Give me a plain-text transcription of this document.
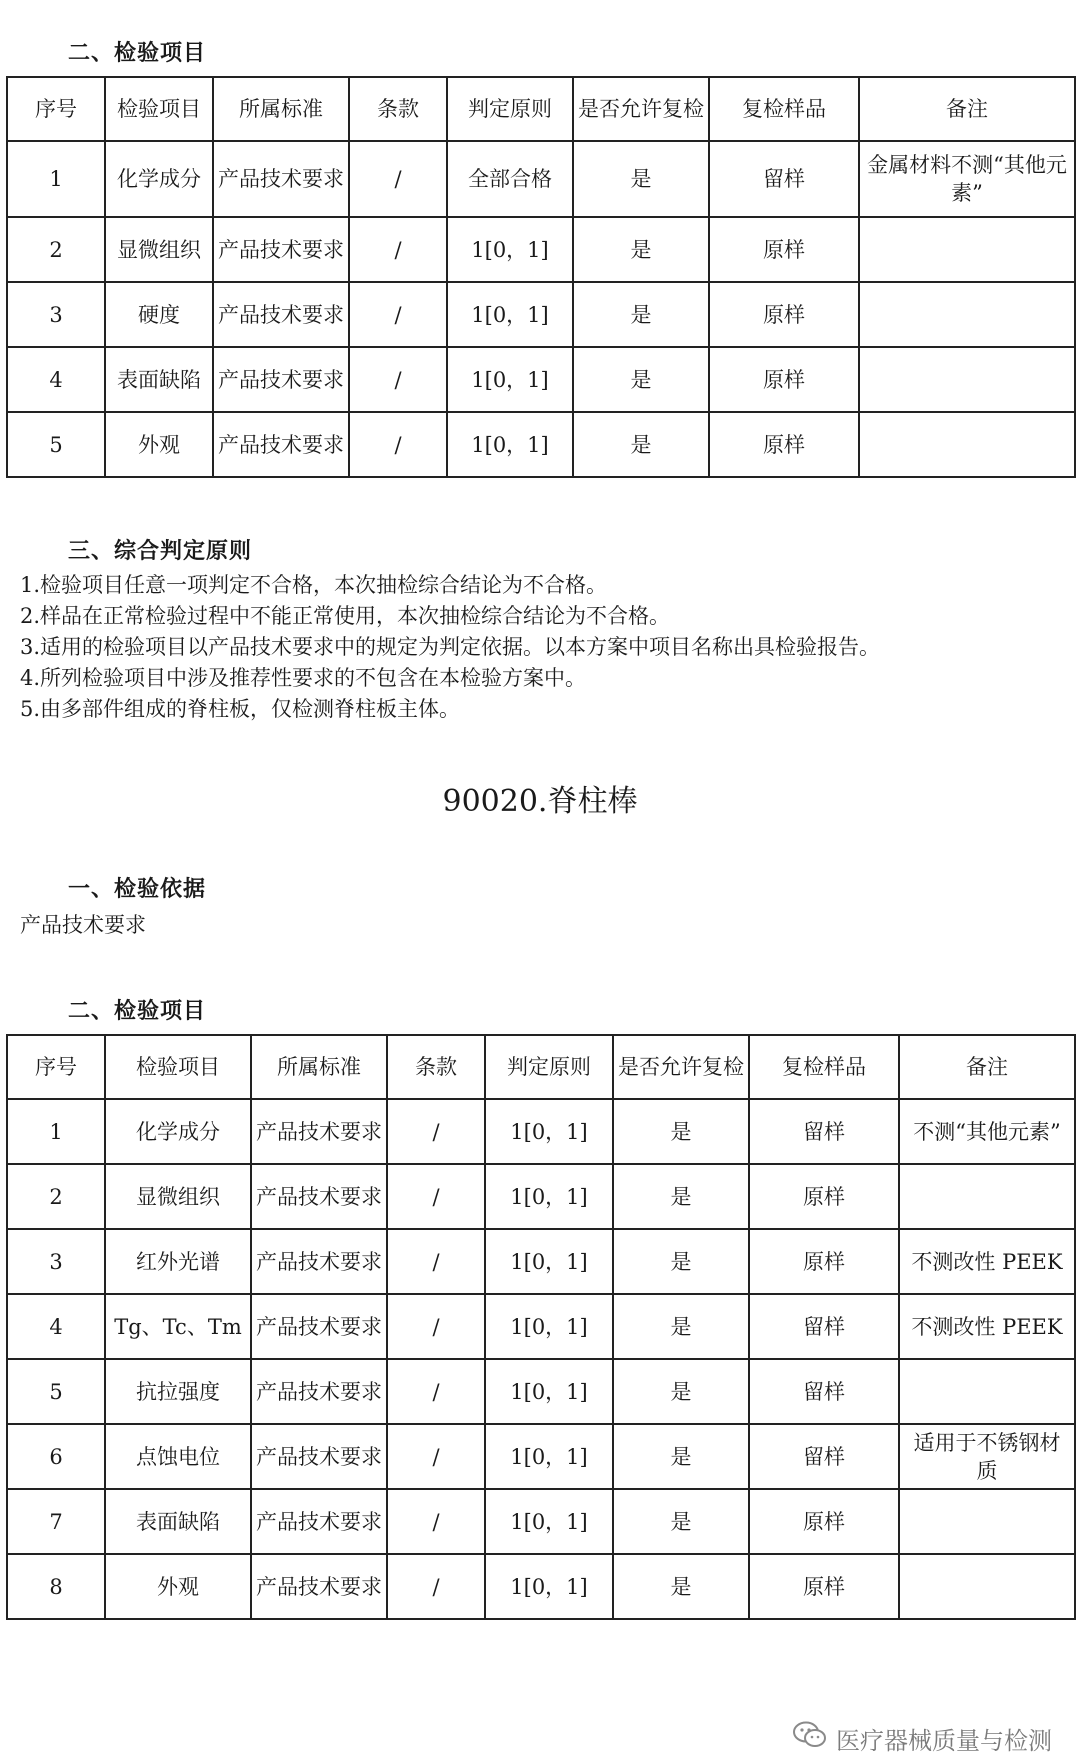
二、检验项目
序号	检验项目	所属标准	条款	判定原则	是否允许复检	复检样品	备注
1	化学成分	产品技术要求	/	全部合格	是	留样	金属材料不测“其他元素”
2	显微组织	产品技术要求	/	1[0，1]	是	原样	
3	硬度	产品技术要求	/	1[0，1]	是	原样	
4	表面缺陷	产品技术要求	/	1[0，1]	是	原样	
5	外观	产品技术要求	/	1[0，1]	是	原样	
三、综合判定原则
1.检验项目任意一项判定不合格，本次抽检综合结论为不合格。
2.样品在正常检验过程中不能正常使用，本次抽检综合结论为不合格。
3.适用的检验项目以产品技术要求中的规定为判定依据。以本方案中项目名称出具检验报告。
4.所列检验项目中涉及推荐性要求的不包含在本检验方案中。
5.由多部件组成的脊柱板，仅检测脊柱板主体。
90020.脊柱棒
一、检验依据
产品技术要求
二、检验项目
序号	检验项目	所属标准	条款	判定原则	是否允许复检	复检样品	备注
1	化学成分	产品技术要求	/	1[0，1]	是	留样	不测“其他元素”
2	显微组织	产品技术要求	/	1[0，1]	是	原样	
3	红外光谱	产品技术要求	/	1[0，1]	是	原样	不测改性 PEEK
4	Tg、Tc、Tm	产品技术要求	/	1[0，1]	是	留样	不测改性 PEEK
5	抗拉强度	产品技术要求	/	1[0，1]	是	留样	
6	点蚀电位	产品技术要求	/	1[0，1]	是	留样	适用于不锈钢材质
7	表面缺陷	产品技术要求	/	1[0，1]	是	原样	
8	外观	产品技术要求	/	1[0，1]	是	原样	
医疗器械质量与检测
